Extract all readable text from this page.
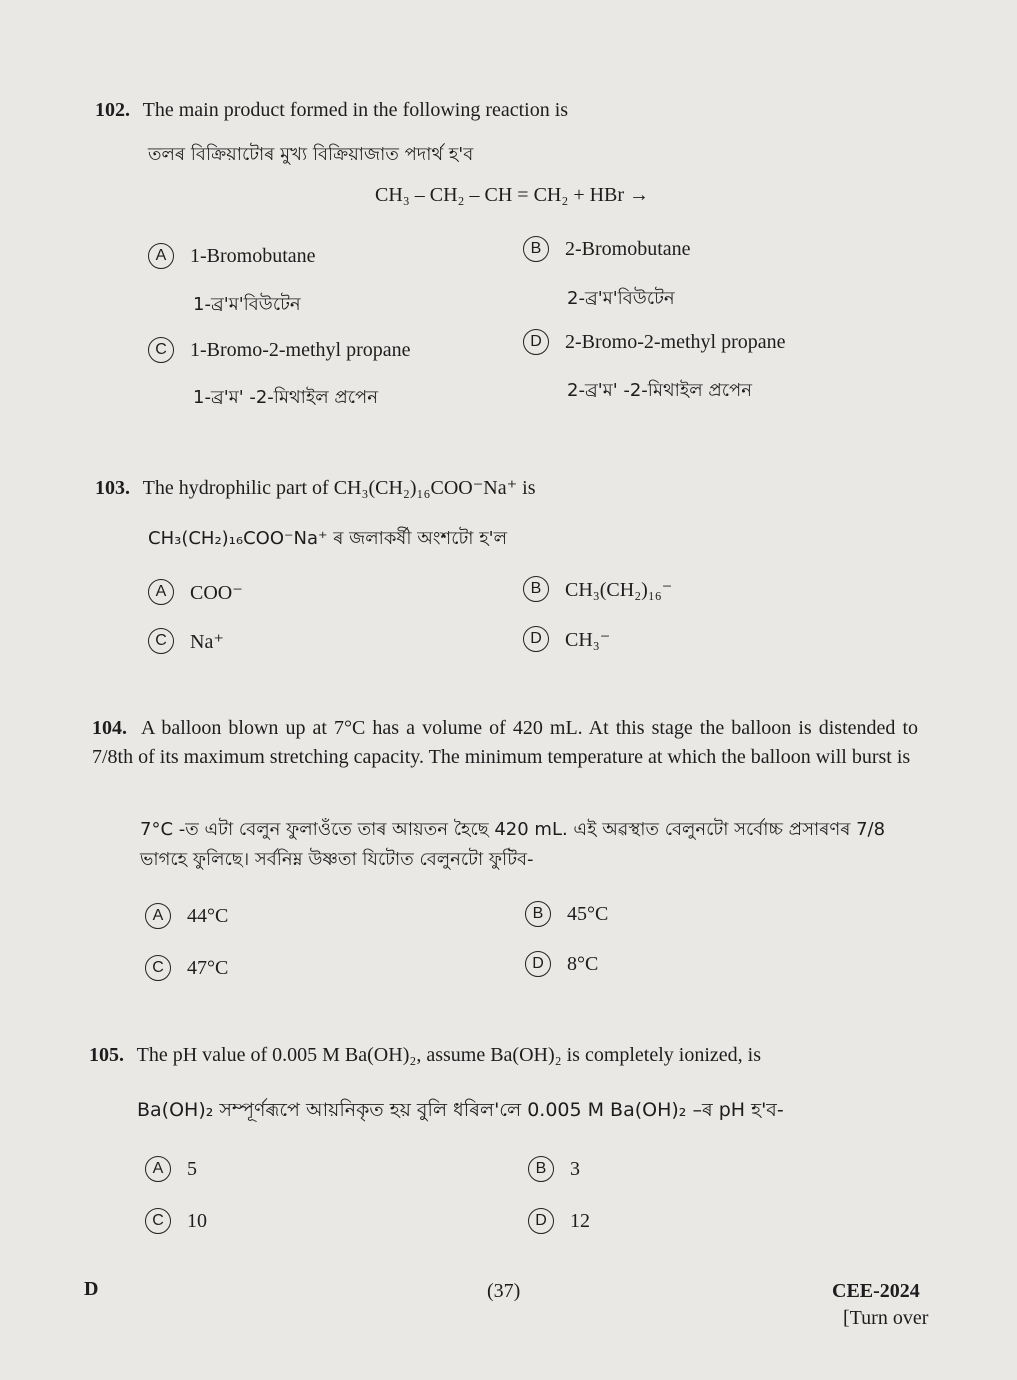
102. The main product formed in the following reaction is
তলৰ বিক্ৰিয়াটোৰ মুখ্য বিক্ৰিয়াজাত পদাৰ্থ হ'ব
CH₃ – CH₂ – CH = CH₂ + HBr →
A	1-Bromobutane
1-ব্ৰ'ম'বিউটেন
B	2-Bromobutane
2-ব্ৰ'ম'বিউটেন
C	1-Bromo-2-methyl propane
1-ব্ৰ'ম' -2-মিথাইল প্ৰপেন
D	2-Bromo-2-methyl propane
2-ব্ৰ'ম' -2-মিথাইল প্ৰপেন
103. The hydrophilic part of CH₃(CH₂)₁₆COO⁻Na⁺ is
CH₃(CH₂)₁₆COO⁻Na⁺ ৰ জলাকৰ্ষী অংশটো হ'ল
A	COO⁻	B	CH₃(CH₂)₁₆⁻
C	Na⁺	D	CH₃⁻
104. A balloon blown up at 7°C has a volume of 420 mL. At this stage the balloon is distended to 7/8th of its maximum stretching capacity. The minimum temperature at which the balloon will burst is
7°C -ত এটা বেলুন ফুলাওঁতে তাৰ আয়তন হৈছে 420 mL. এই অৱস্থাত বেলুনটো সৰ্বোচ্চ প্ৰসাৰণৰ 7/8 ভাগহে ফুলিছে। সৰ্বনিম্ন উষ্ণতা যিটোত বেলুনটো ফুটিব-
A	44°C	B	45°C
C	47°C	D	8°C
105. The pH value of 0.005 M Ba(OH)₂, assume Ba(OH)₂ is completely ionized, is
Ba(OH)₂ সম্পূৰ্ণৰূপে আয়নিকৃত হয় বুলি ধৰিল'লে 0.005 M Ba(OH)₂ –ৰ pH হ'ব-
A	5	B	3
C	10	D	12
D	(37)	CEE-2024
[Turn over
